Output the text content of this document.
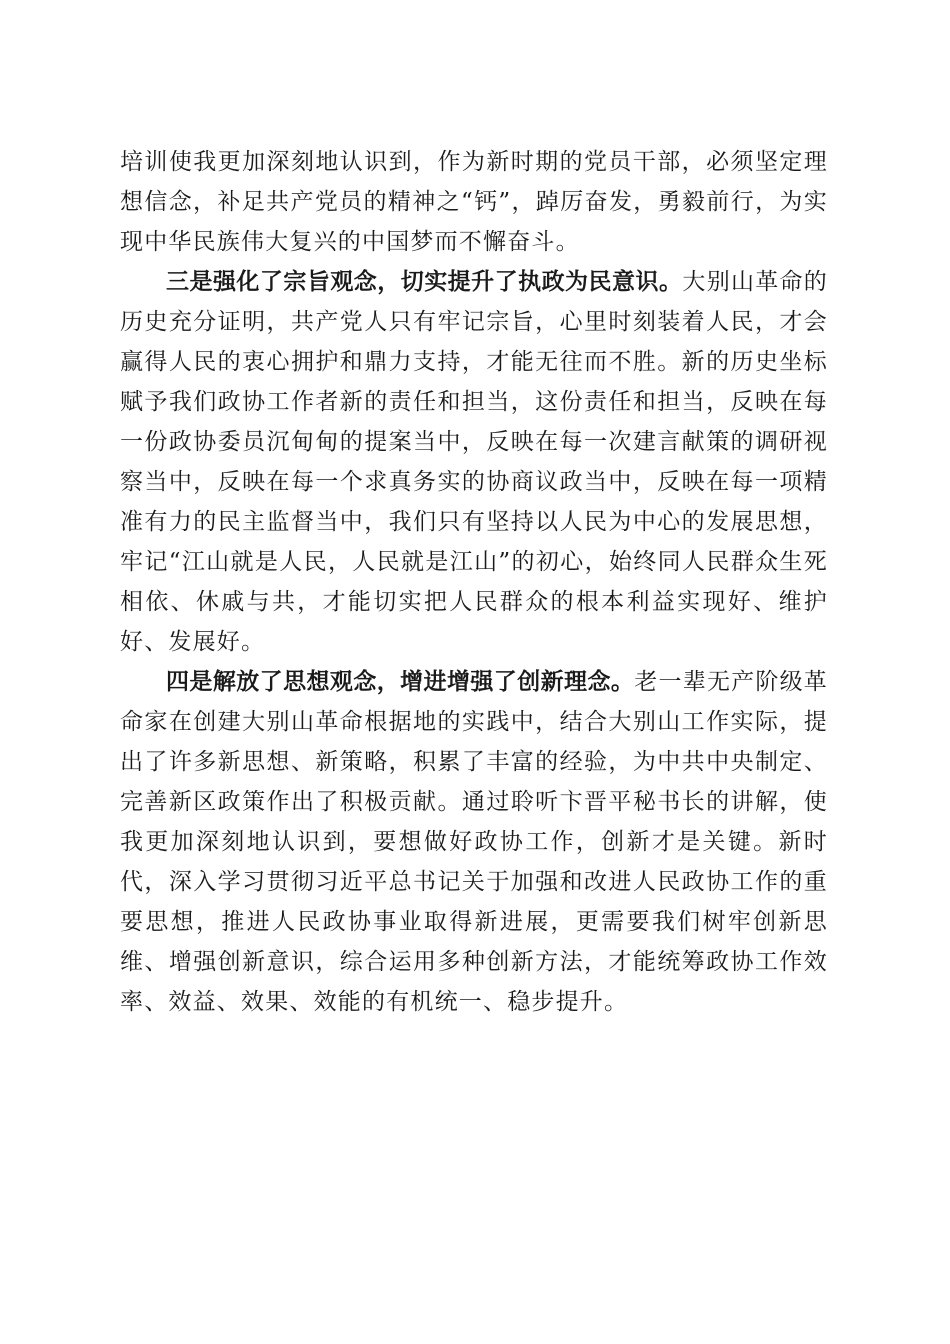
培训使我更加深刻地认识到，作为新时期的党员干部，必须坚定理想信念，补足共产党员的精神之“钙”，踔厉奋发，勇毅前行，为实现中华民族伟大复兴的中国梦而不懈奋斗。

三是强化了宗旨观念，切实提升了执政为民意识。大别山革命的历史充分证明，共产党人只有牢记宗旨，心里时刻装着人民，才会赢得人民的衷心拥护和鼎力支持，才能无往而不胜。新的历史坐标赋予我们政协工作者新的责任和担当，这份责任和担当，反映在每一份政协委员沉甸甸的提案当中，反映在每一次建言献策的调研视察当中，反映在每一个求真务实的协商议政当中，反映在每一项精准有力的民主监督当中，我们只有坚持以人民为中心的发展思想，牢记“江山就是人民，人民就是江山”的初心，始终同人民群众生死相依、休戚与共，才能切实把人民群众的根本利益实现好、维护好、发展好。

四是解放了思想观念，增进增强了创新理念。老一辈无产阶级革命家在创建大别山革命根据地的实践中，结合大别山工作实际，提出了许多新思想、新策略，积累了丰富的经验，为中共中央制定、完善新区政策作出了积极贡献。通过聆听卞晋平秘书长的讲解，使我更加深刻地认识到，要想做好政协工作，创新才是关键。新时代，深入学习贯彻习近平总书记关于加强和改进人民政协工作的重要思想，推进人民政协事业取得新进展，更需要我们树牢创新思维、增强创新意识，综合运用多种创新方法，才能统筹政协工作效率、效益、效果、效能的有机统一、稳步提升。
